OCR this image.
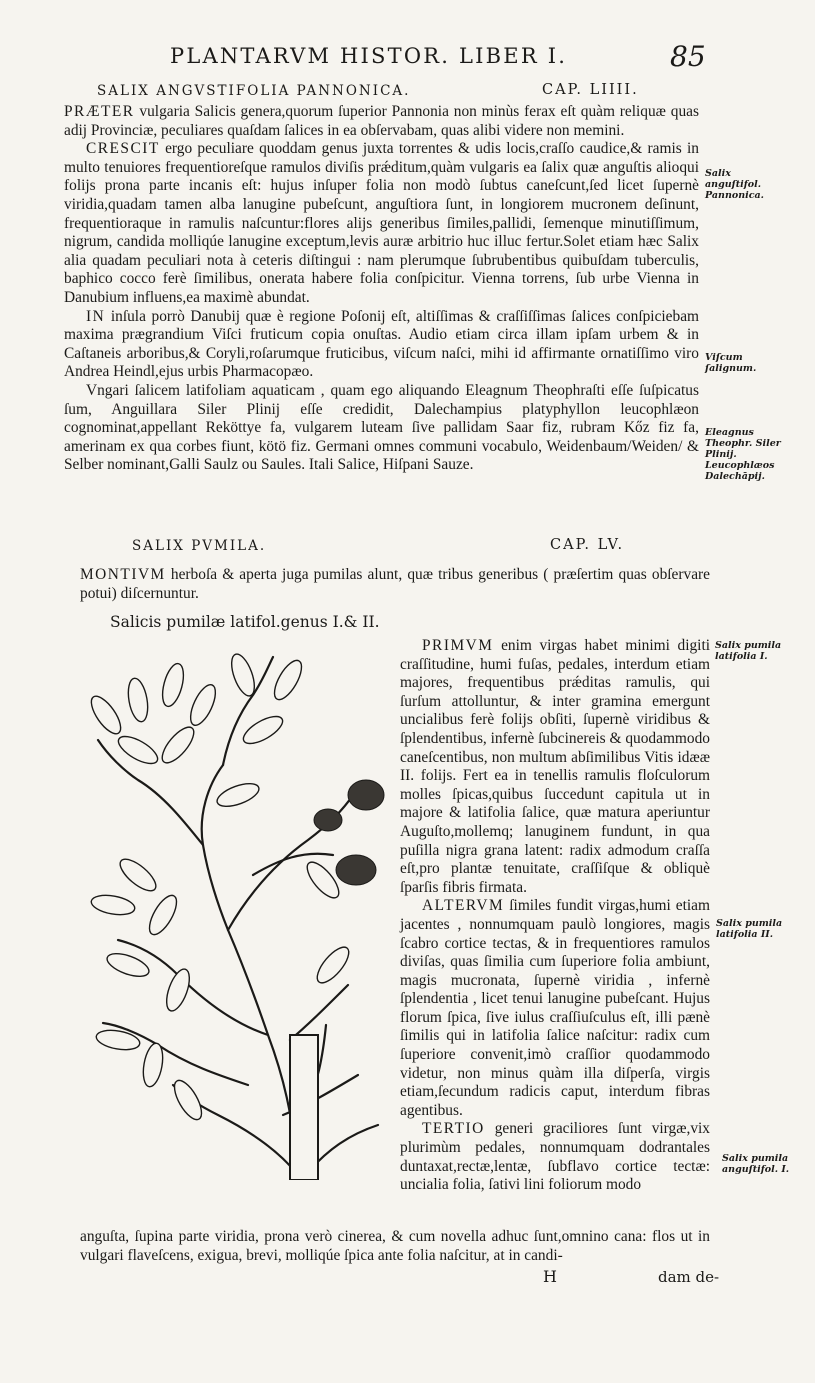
PLANTARVM HISTOR. LIBER I.	85
SALIX ANGVSTIFOLIA PANNONICA.	CAP. LIIII.

PRÆTER vulgaria Salicis genera,quorum ſuperior Pannonia non minùs ferax eſt quàm reliquæ quas adij Provinciæ, peculiares quaſdam ſalices in ea obſervabam, quas alibi videre non memini.

CRESCIT ergo peculiare quoddam genus juxta torrentes & udis locis,craſſo caudice,& ramis in multo tenuiores frequentioreſque ramulos diviſis prǽditum,quàm vulgaris ea ſalix quæ anguſtis alioqui folijs prona parte incanis eſt: hujus inſuper folia non modò ſubtus caneſcunt,ſed licet ſupernè viridia,quadam tamen alba lanugine pubeſcunt, anguſtiora ſunt, in longiorem mucronem deſinunt, frequentioraque in ramulis naſcuntur:flores alijs generibus ſimiles,pallidi, ſemenque minutiſſimum, nigrum, candida molliqúe lanugine exceptum,levis auræ arbitrio huc illuc fertur.Solet etiam hæc Salix alia quadam peculiari nota à ceteris diſtingui : nam plerumque ſubrubentibus quibuſdam tuberculis, baphico cocco ferè ſimilibus, onerata habere folia conſpicitur. Vienna torrens, ſub urbe Vienna in Danubium influens,ea maximè abundat.

IN inſula porrò Danubij quæ è regione Poſonij eſt, altiſſimas & craſſiſſimas ſalices conſpiciebam maxima prægrandium Viſci fruticum copia onuſtas. Audio etiam circa illam ipſam urbem & in Caſtaneis arboribus,& Coryli,roſarumque fruticibus, viſcum naſci, mihi id affirmante ornatiſſimo viro Andrea Heindl,ejus urbis Pharmacopæo.

Vngari ſalicem latifoliam aquaticam , quam ego aliquando Eleagnum Theophraſti eſſe ſuſpicatus ſum, Anguillara Siler Plinij eſſe credidit, Dalechampius platyphyllon leucophlæon cognominat,appellant Reköttye fa, vulgarem luteam ſive pallidam Saar fiz, rubram Kőz fiz fa, amerinam ex qua corbes fiunt, kötö fiz. Germani omnes communi vocabulo, Weidenbaum/Weiden/ & Selber nominant,Galli Saulz ou Saules. Itali Salice, Hiſpani Sauze.

SALIX PVMILA.	CAP. LV.

MONTIVM herboſa & aperta juga pumilas alunt, quæ tribus generibus ( præſertim quas obſervare potui) diſcernuntur.

Salicis pumilæ latifol.genus I.& II.

PRIMVM enim virgas habet minimi digiti craſſitudine, humi fuſas, pedales, interdum etiam majores, frequentibus prǽditas ramulis, qui ſurſum attolluntur, & inter gramina emergunt uncialibus ferè folijs obſiti, ſupernè viridibus & ſplendentibus, infernè ſubcinereis & quodammodo caneſcentibus, non multum abſimilibus Vitis idææ II. folijs. Fert ea in tenellis ramulis floſculorum molles ſpicas,quibus ſuccedunt capitula ut in majore & latifolia ſalice, quæ matura aperiuntur Auguſto,mollemq; lanuginem fundunt, in qua puſilla nigra grana latent: radix admodum craſſa eſt,pro plantæ tenuitate, craſſiſque & obliquè ſparſis fibris firmata.

ALTERVM ſimiles fundit virgas,humi etiam jacentes , nonnumquam paulò longiores, magis ſcabro cortice tectas, & in frequentiores ramulos diviſas, quas ſimilia cum ſuperiore folia ambiunt, magis mucronata, ſupernè viridia , infernè ſplendentia , licet tenui lanugine pubeſcant. Hujus florum ſpica, ſive iulus craſſiuſculus eſt, illi pænè ſimilis qui in latifolia ſalice naſcitur: radix cum ſuperiore convenit,imò craſſior quodammodo videtur, non minus quàm illa diſperſa, virgis etiam,ſecundum radicis caput, interdum fibras agentibus.

TERTIO generi graciliores ſunt virgæ,vix plurimùm pedales, nonnumquam dodrantales duntaxat,rectæ,lentæ, ſubflavo cortice tectæ: uncialia folia, ſativi lini foliorum modo

anguſta, ſupina parte viridia, prona verò cinerea, & cum novella adhuc ſunt,omnino cana: flos ut in vulgari flaveſcens, exigua, brevi, molliqúe ſpica ante folia naſcitur, at in candi-

Salix anguſtifol. Pannonica.
Viſcum ſalignum.
Eleagnus Theophr. Siler Plinij. Leucophlæos Dalechāpij.
Salix pumila latifolia I.
Salix pumila latifolia II.
Salix pumila anguſtifol. I.
H	dam de-
